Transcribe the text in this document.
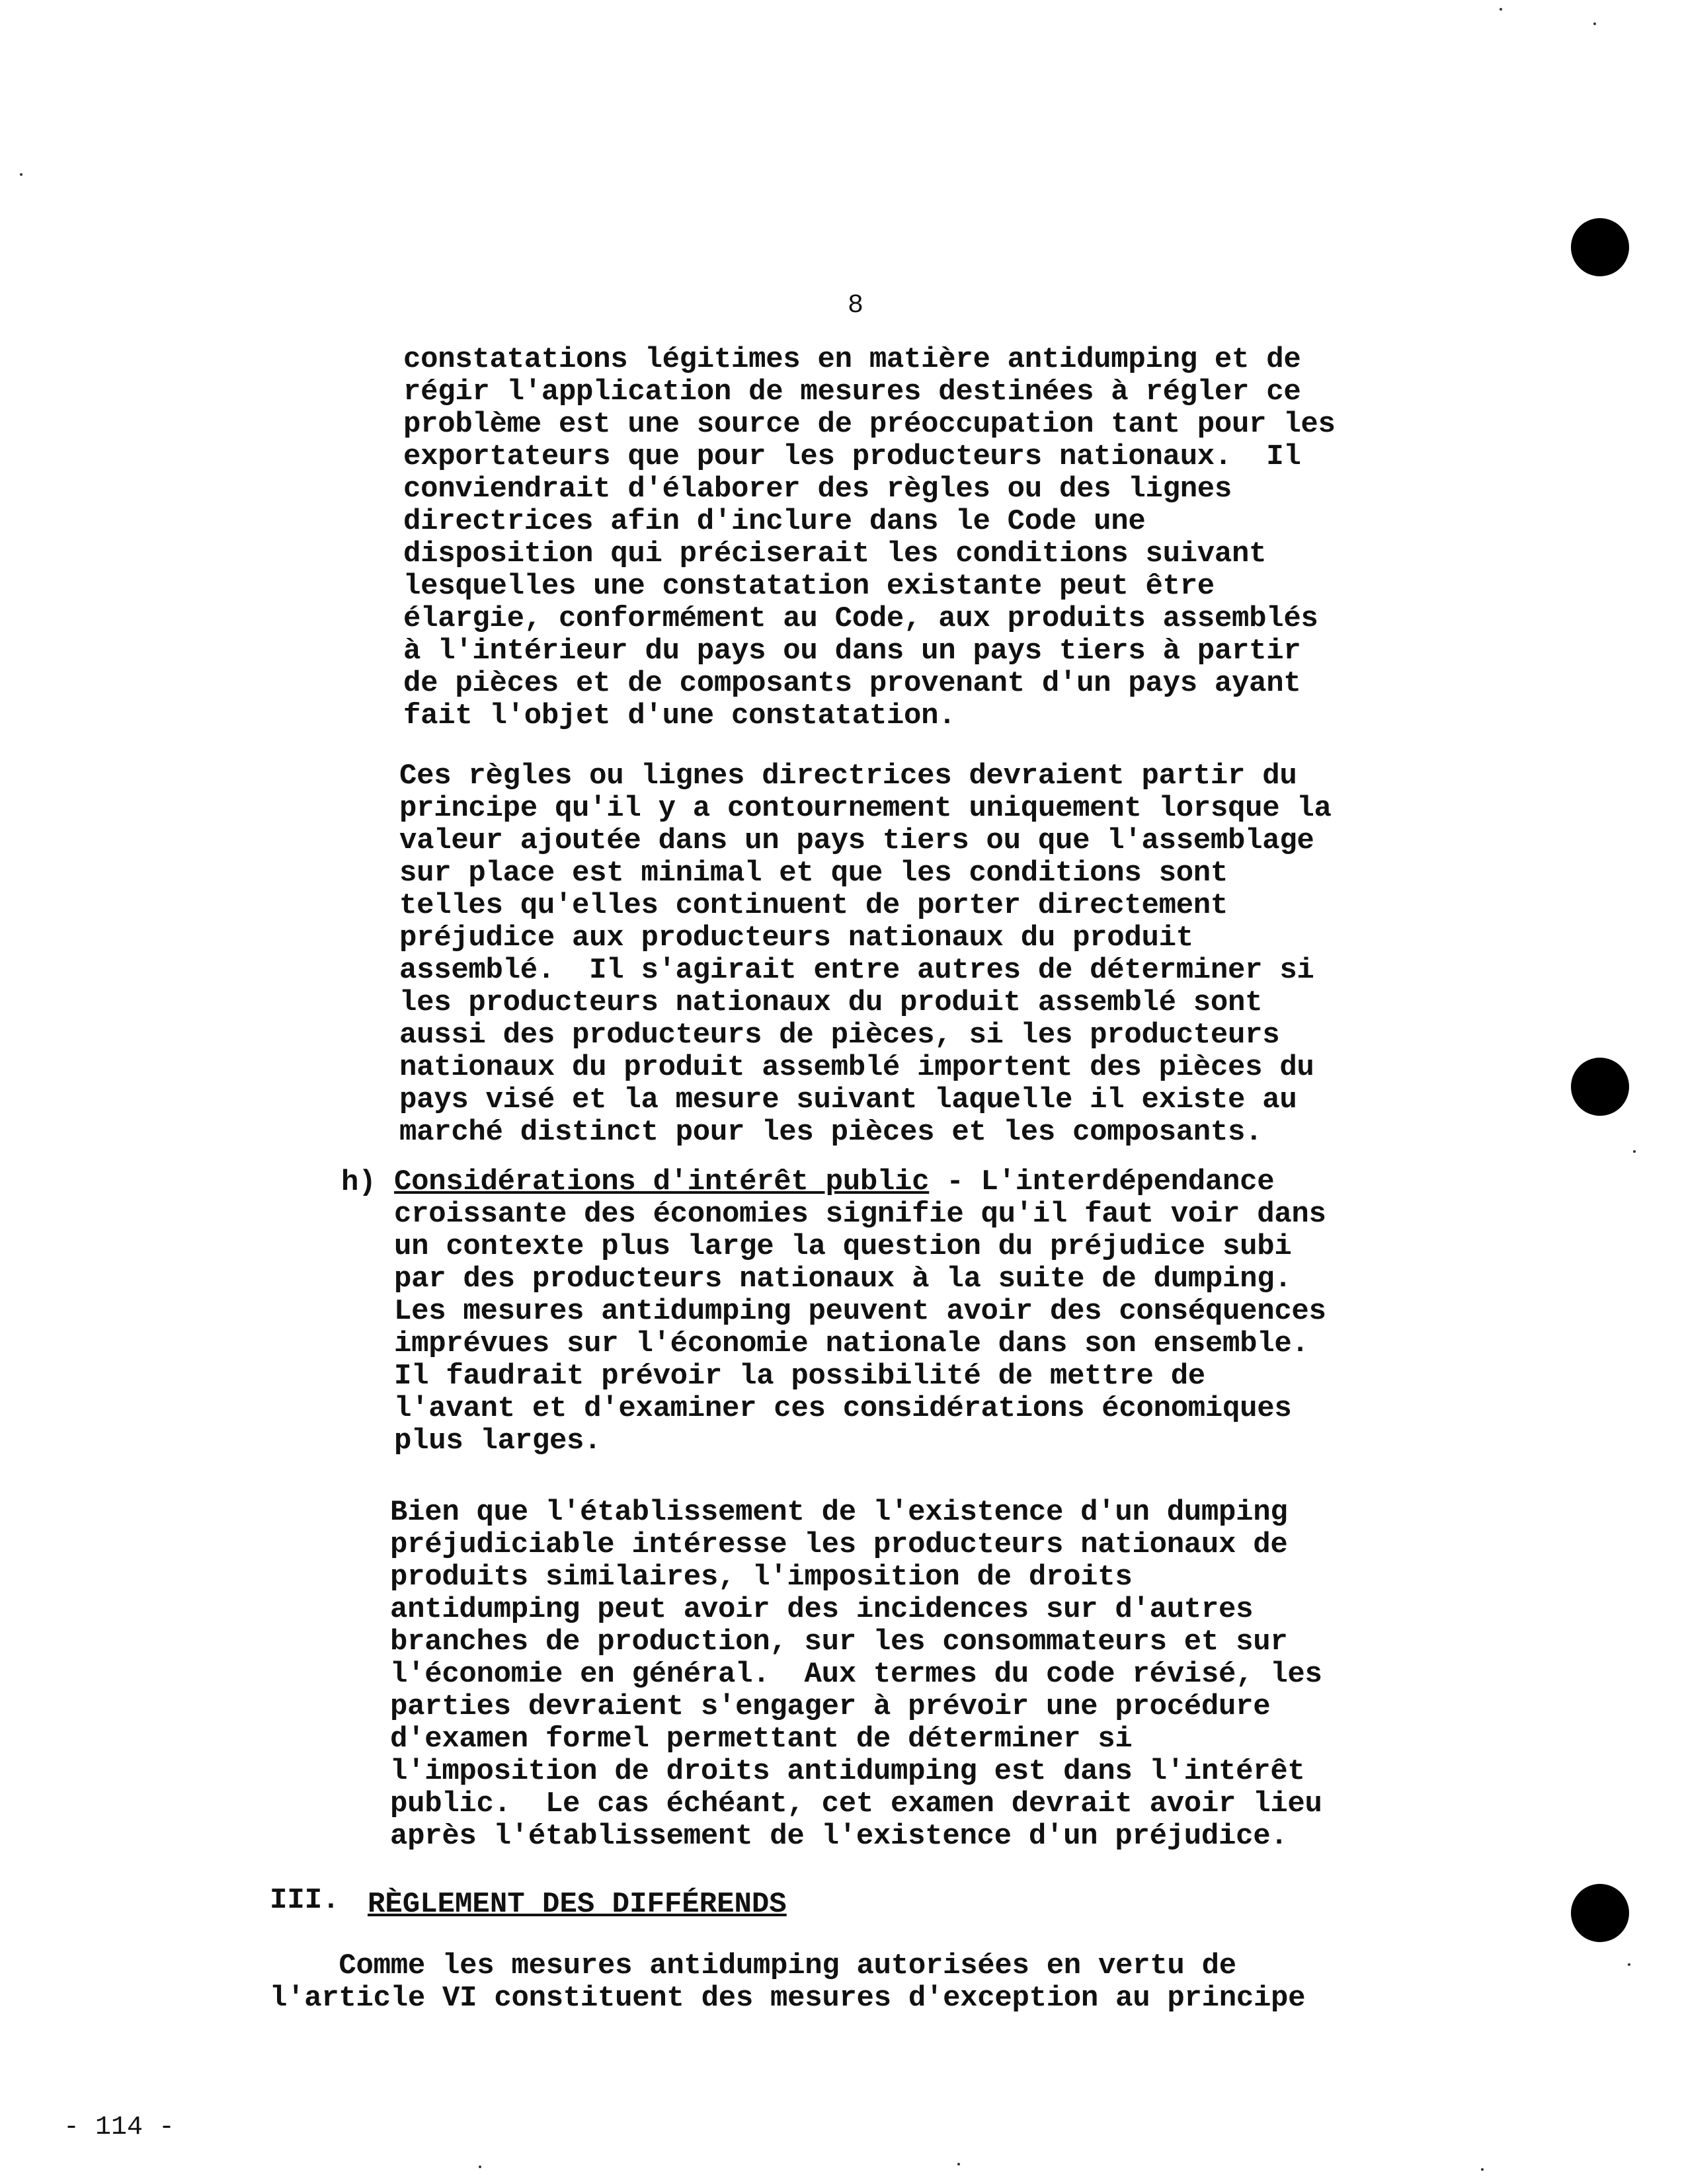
8

constatations légitimes en matière antidumping et de
régir l'application de mesures destinées à régler ce
problème est une source de préoccupation tant pour les
exportateurs que pour les producteurs nationaux.  Il
conviendrait d'élaborer des règles ou des lignes
directrices afin d'inclure dans le Code une
disposition qui préciserait les conditions suivant
lesquelles une constatation existante peut être
élargie, conformément au Code, aux produits assemblés
à l'intérieur du pays ou dans un pays tiers à partir
de pièces et de composants provenant d'un pays ayant
fait l'objet d'une constatation.

Ces règles ou lignes directrices devraient partir du
principe qu'il y a contournement uniquement lorsque la
valeur ajoutée dans un pays tiers ou que l'assemblage
sur place est minimal et que les conditions sont
telles qu'elles continuent de porter directement
préjudice aux producteurs nationaux du produit
assemblé.  Il s'agirait entre autres de déterminer si
les producteurs nationaux du produit assemblé sont
aussi des producteurs de pièces, si les producteurs
nationaux du produit assemblé importent des pièces du
pays visé et la mesure suivant laquelle il existe au
marché distinct pour les pièces et les composants.

h) Considérations d'intérêt public - L'interdépendance

croissante des économies signifie qu'il faut voir dans
un contexte plus large la question du préjudice subi
par des producteurs nationaux à la suite de dumping.
Les mesures antidumping peuvent avoir des conséquences
imprévues sur l'économie nationale dans son ensemble.
Il faudrait prévoir la possibilité de mettre de
l'avant et d'examiner ces considérations économiques
plus larges.

Bien que l'établissement de l'existence d'un dumping
préjudiciable intéresse les producteurs nationaux de
produits similaires, l'imposition de droits
antidumping peut avoir des incidences sur d'autres
branches de production, sur les consommateurs et sur
l'économie en général.  Aux termes du code révisé, les
parties devraient s'engager à prévoir une procédure
d'examen formel permettant de déterminer si
l'imposition de droits antidumping est dans l'intérêt
public.  Le cas échéant, cet examen devrait avoir lieu
après l'établissement de l'existence d'un préjudice.

III. RÈGLEMENT DES DIFFÉRENDS

Comme les mesures antidumping autorisées en vertu de
l'article VI constituent des mesures d'exception au principe

- 114 -
